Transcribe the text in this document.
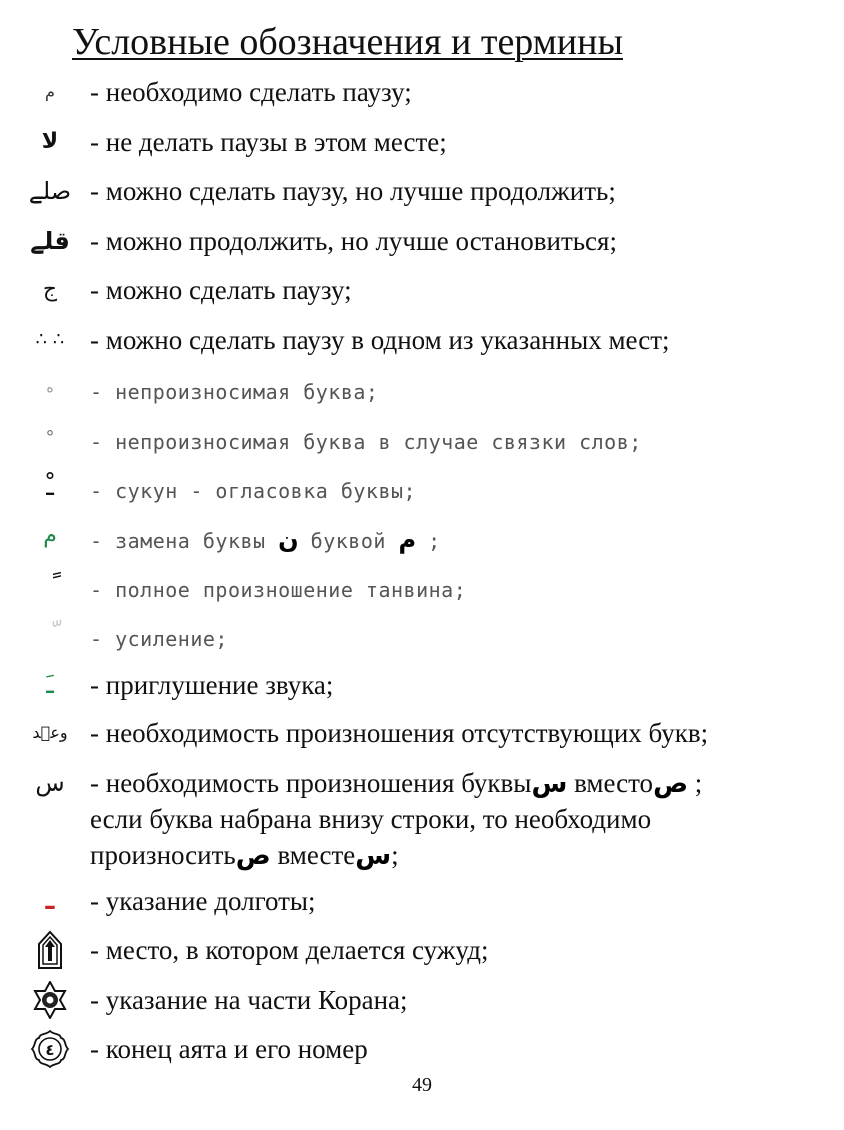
Условные обозначения и термины
م	- необходимо сделать паузу;
لا	- не делать паузы в этом месте;
صلے - можно сделать паузу, но лучше продолжить;
قلے - можно продолжить, но лучше остановиться;
ج	- можно сделать паузу;
∴ ∴ - можно сделать паузу в одном из указанных мест;
ە	- непроизносимая буква;
°	- непроизносимая буква в случае связки слов;
ـْ	- сукун - огласовка буквы;
م	- замена буквы ن буквой م ;
- полное произношение танвина;
- усиление;
ـَ	- приглушение звука;
وعٖد - необходимость произношения отсутствующих букв;
س - необходимость произношения буквыس вместоص ;
если буква набрана внизу строки, то необходимо
произноситьص вместеس;
ـ	- указание долготы;
- место, в котором делается сужуд;
- указание на части Корана;
٤ - конец аята и его номер
49
